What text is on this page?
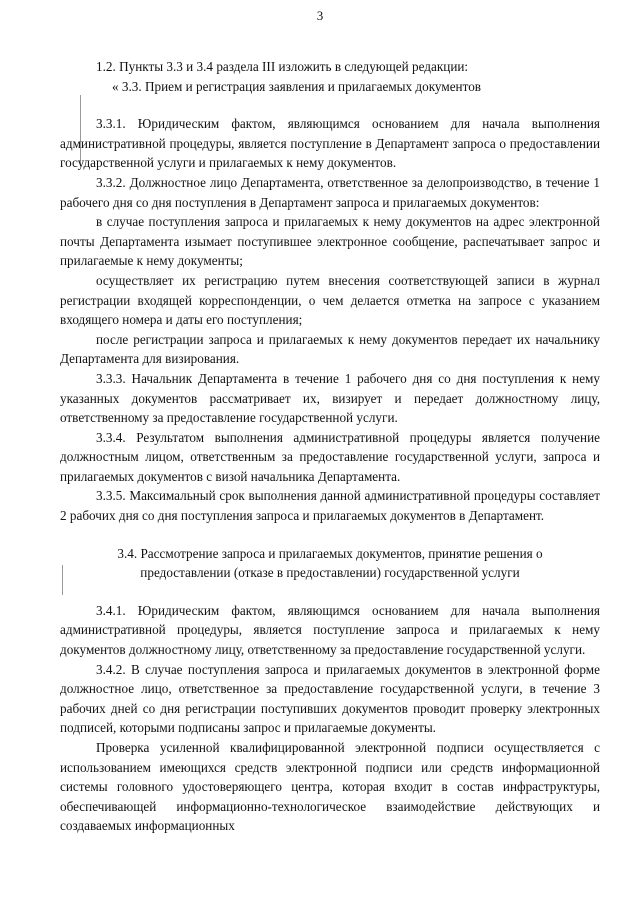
3

1.2. Пункты 3.3 и 3.4 раздела III изложить в следующей редакции:

« 3.3. Прием и регистрация заявления и прилагаемых документов

3.3.1. Юридическим фактом, являющимся основанием для начала выполнения административной процедуры, является поступление в Департамент запроса о предоставлении государственной услуги и прилагаемых к нему документов.

3.3.2. Должностное лицо Департамента, ответственное за делопроизводство, в течение 1 рабочего дня со дня поступления в Департамент запроса и прилагаемых документов:

в случае поступления запроса и прилагаемых к нему документов на адрес электронной почты Департамента изымает поступившее электронное сообщение, распечатывает запрос и прилагаемые к нему документы;

осуществляет их регистрацию путем внесения соответствующей записи в журнал регистрации входящей корреспонденции, о чем делается отметка на запросе с указанием входящего номера и даты его поступления;

после регистрации запроса и прилагаемых к нему документов передает их начальнику Департамента для визирования.

3.3.3. Начальник Департамента в течение 1 рабочего дня со дня поступления к нему указанных документов рассматривает их, визирует и передает должностному лицу, ответственному за предоставление государственной услуги.

3.3.4. Результатом выполнения административной процедуры является получение должностным лицом, ответственным за предоставление государственной услуги, запроса и прилагаемых документов с визой начальника Департамента.

3.3.5. Максимальный срок выполнения данной административной процедуры составляет 2 рабочих дня со дня поступления запроса и прилагаемых документов в Департамент.

3.4. Рассмотрение запроса и прилагаемых документов, принятие решения о

предоставлении (отказе в предоставлении) государственной услуги

3.4.1. Юридическим фактом, являющимся основанием для начала выполнения административной процедуры, является поступление запроса и прилагаемых к нему документов должностному лицу, ответственному за предоставление государственной услуги.

3.4.2. В случае поступления запроса и прилагаемых документов в электронной форме должностное лицо, ответственное за предоставление государственной услуги, в течение 3 рабочих дней со дня регистрации поступивших документов проводит проверку электронных подписей, которыми подписаны запрос и прилагаемые документы.

Проверка усиленной квалифицированной электронной подписи осуществляется с использованием имеющихся средств электронной подписи или средств информационной системы головного удостоверяющего центра, которая входит в состав инфраструктуры, обеспечивающей информационно-технологическое взаимодействие действующих и создаваемых информационных
